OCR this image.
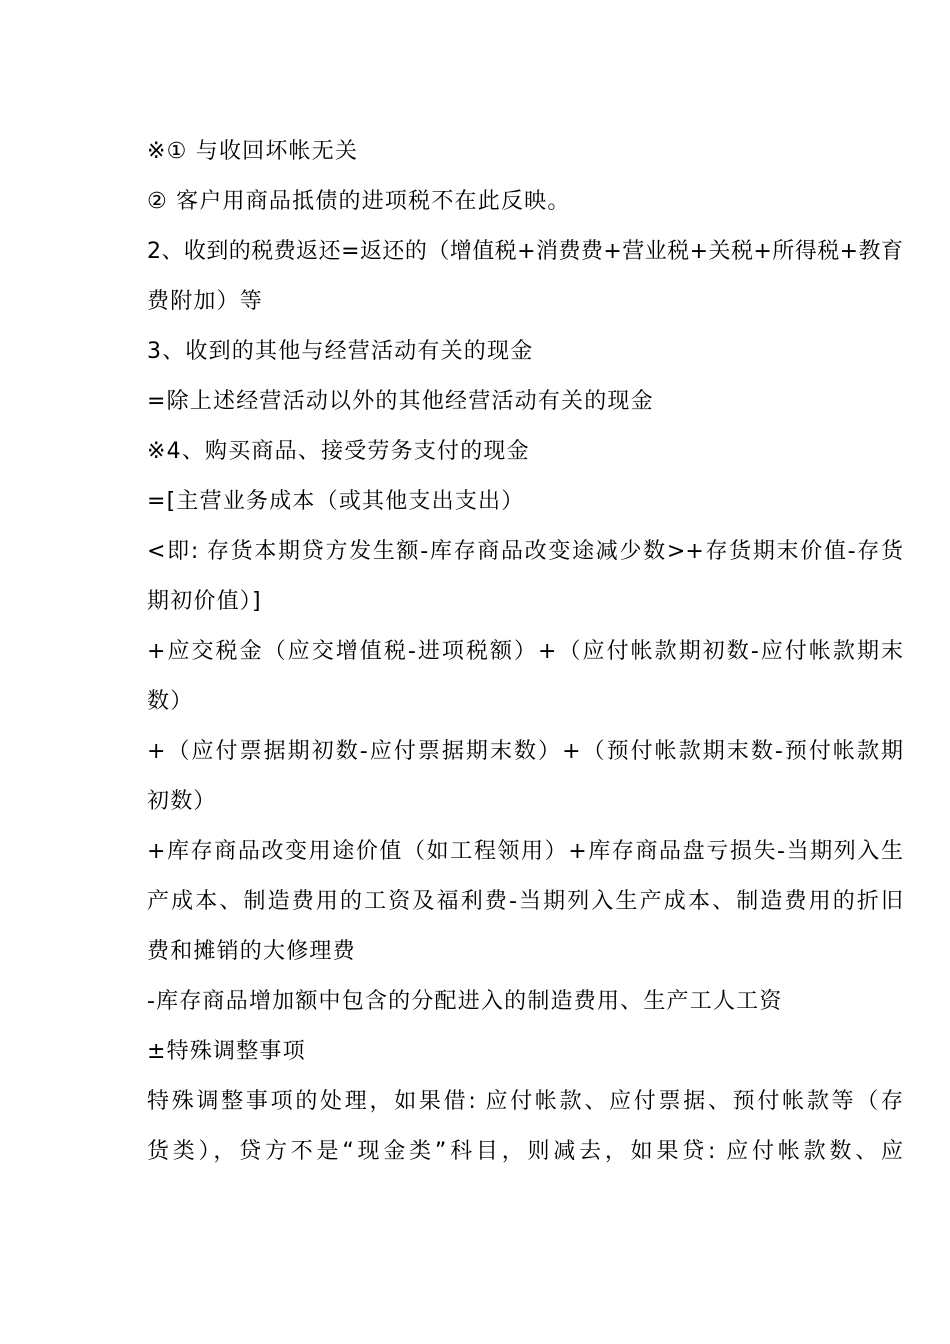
※① 与收回坏帐无关
② 客户用商品抵债的进项税不在此反映。
2、收到的税费返还=返还的（增值税+消费费+营业税+关税+所得税+教育
费附加）等
3、收到的其他与经营活动有关的现金
=除上述经营活动以外的其他经营活动有关的现金
※4、购买商品、接受劳务支付的现金
=[主营业务成本（或其他支出支出）
<即: 存货本期贷方发生额-库存商品改变途减少数>+存货期末价值-存货
期初价值）]
+应交税金（应交增值税-进项税额）+（应付帐款期初数-应付帐款期末
数）
+（应付票据期初数-应付票据期末数）+（预付帐款期末数-预付帐款期
初数）
+库存商品改变用途价值（如工程领用）+库存商品盘亏损失-当期列入生
产成本、制造费用的工资及福利费-当期列入生产成本、制造费用的折旧
费和摊销的大修理费
-库存商品增加额中包含的分配进入的制造费用、生产工人工资
±特殊调整事项
特殊调整事项的处理，如果借: 应付帐款、应付票据、预付帐款等（存
货类），贷方不是“现金类”科目，则减去，如果贷: 应付帐款数、应
